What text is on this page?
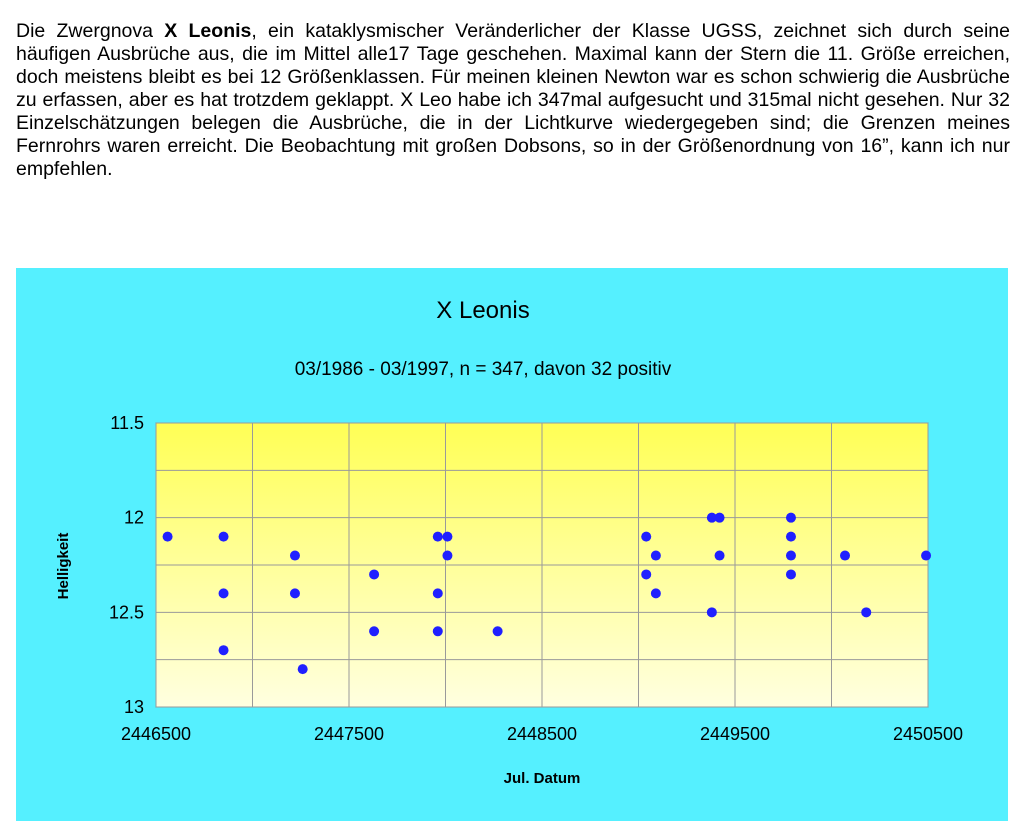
Die Zwergnova X Leonis, ein kataklysmischer Veränderlicher der Klasse UGSS, zeichnet sich durch seine häufigen Ausbrüche aus, die im Mittel alle17 Tage geschehen. Maximal kann der Stern die 11. Größe erreichen, doch meistens bleibt es bei 12 Größenklassen. Für meinen kleinen Newton war es schon schwierig die Ausbrüche zu erfassen, aber es hat trotzdem geklappt. X Leo habe ich 347mal aufgesucht und 315mal nicht gesehen. Nur 32 Einzelschätzungen belegen die Ausbrüche, die in der Lichtkurve wiedergegeben sind; die Grenzen meines Fernrohrs waren erreicht. Die Beobachtung mit großen Dobsons, so in der Größenordnung von 16”, kann ich nur empfehlen.

2446500	2447500	2448500	2449500	2450500
11.5
12
12.5
13
X Leonis
03/1986 - 03/1997, n = 347, davon 32 positiv
Jul. Datum
Helligkeit
